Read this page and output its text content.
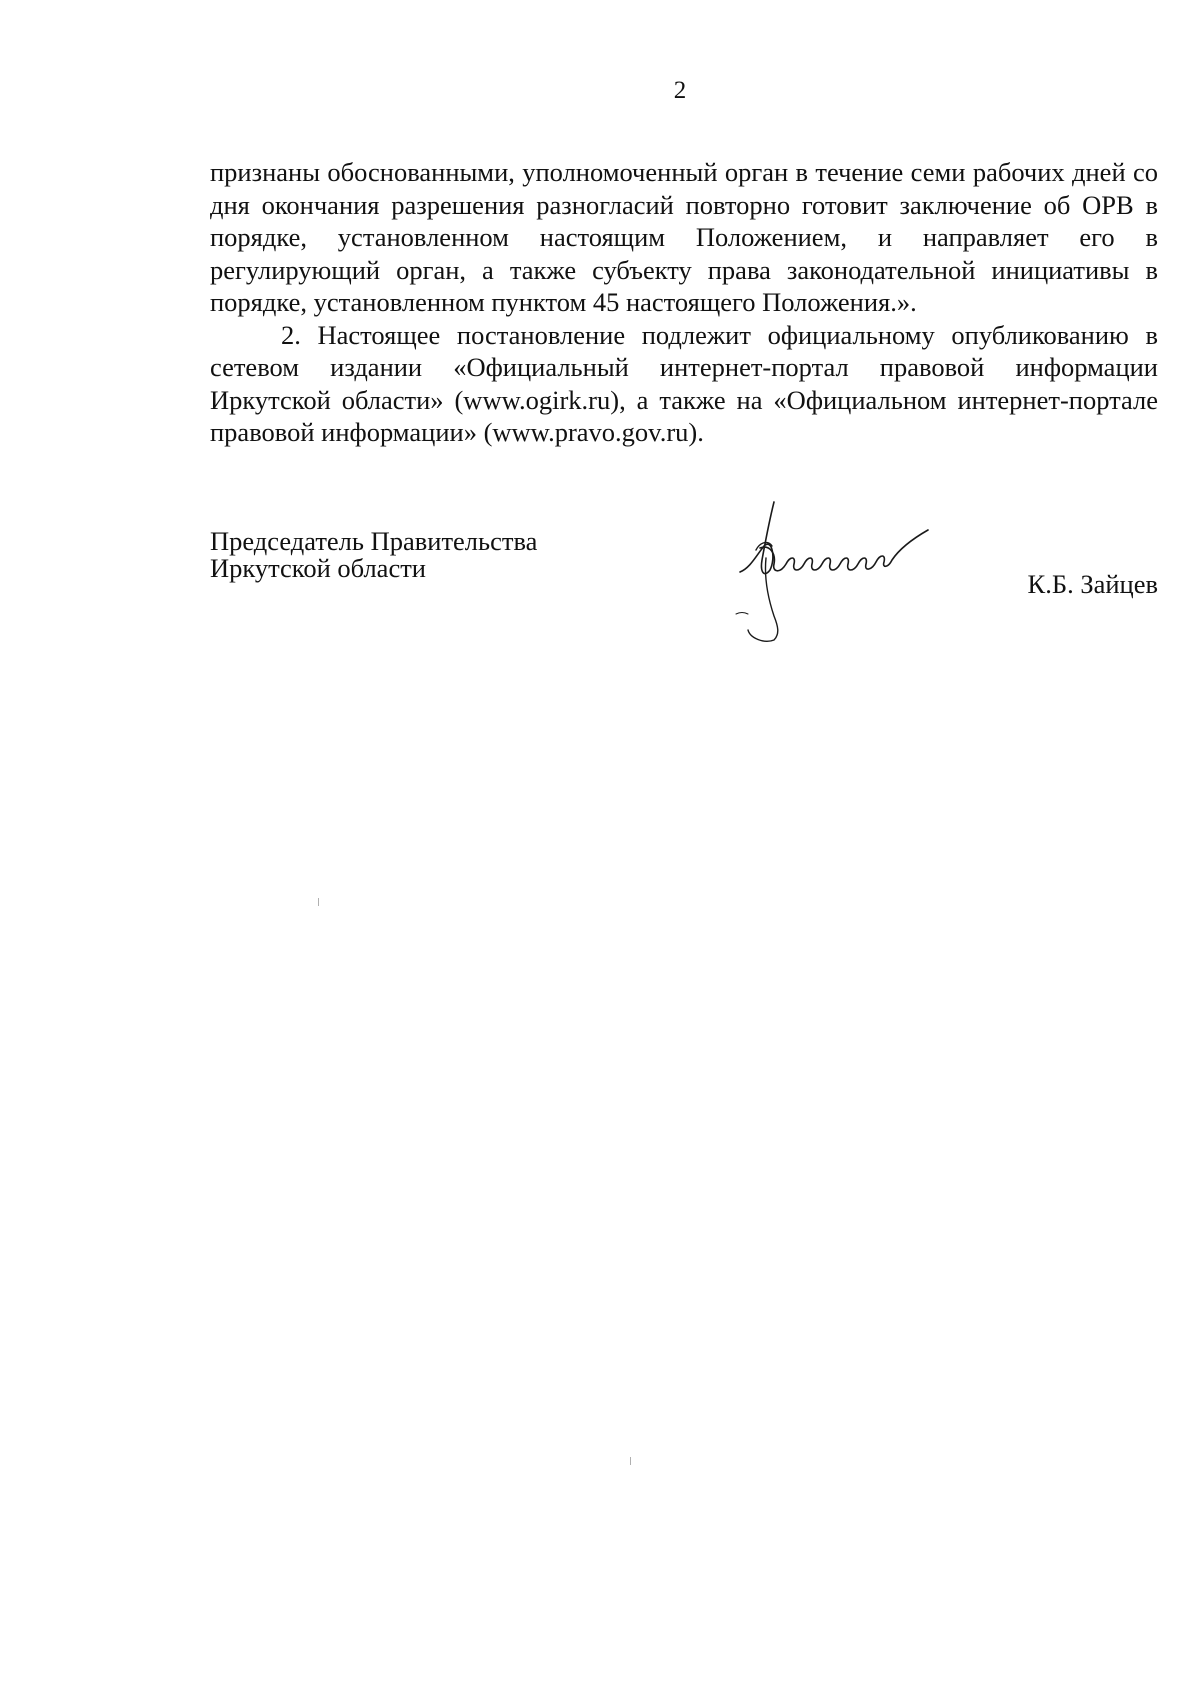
2

признаны обоснованными, уполномоченный орган в течение семи рабочих дней со дня окончания разрешения разногласий повторно готовит заключение об ОРВ в порядке, установленном настоящим Положением, и направляет его в регулирующий орган, а также субъекту права законодательной инициативы в порядке, установленном пунктом 45 настоящего Положения.».

2. Настоящее постановление подлежит официальному опубликованию в сетевом издании «Официальный интернет-портал правовой информации Иркутской области» (www.ogirk.ru), а также на «Официальном интернет-портале правовой информации» (www.pravo.gov.ru).

Председатель Правительства
Иркутской области
К.Б. Зайцев
